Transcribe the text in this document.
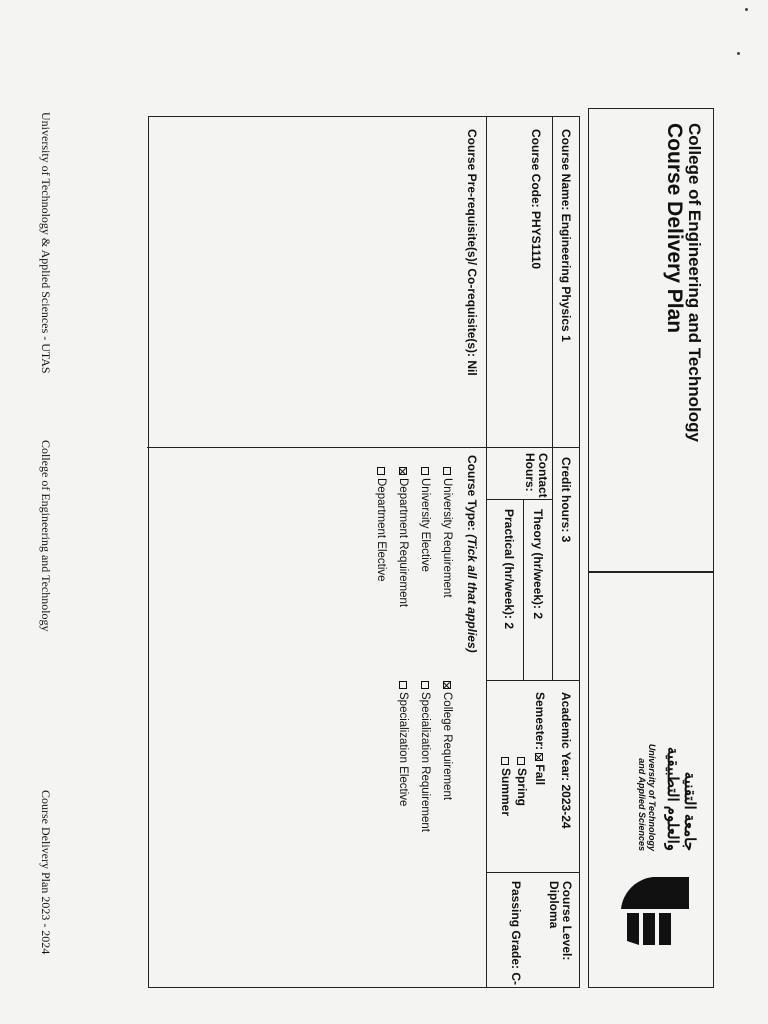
College of Engineering and Technology
Course Delivery Plan
جامعة التقنية
والعلوم التطبيقية
University of Technology
and Applied Sciences
Course Name: Engineering Physics 1
Course Code: PHYS1110
Course Pre-requisite(s)/ Co-requisite(s): Nil
Credit hours: 3
Contact Hours:
Theory (hr/week): 2
Practical (hr/week): 2
Academic Year: 2023-24
Semester: Fall
Spring
Summer
Course Level:
Diploma
Passing Grade: C-
Course Type: (Tick all that applies)
University Requirement
University Elective
Department Requirement
Department Elective
College Requirement
Specialization Requirement
Specialization Elective
University of Technology & Applied Sciences - UTAS
College of Engineering and Technology
Course Delivery Plan 2023 - 2024
